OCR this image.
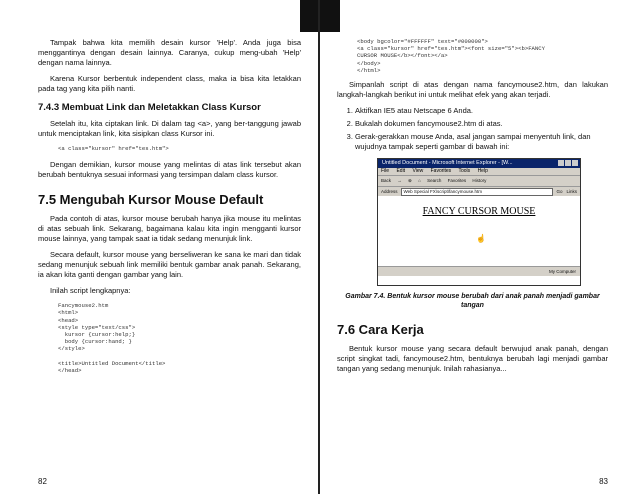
Tampak bahwa kita memilih desain kursor 'Help'. Anda juga bisa menggantinya dengan desain lainnya. Caranya, cukup meng-ubah 'Help' dengan nama lainnya.

Karena Kursor berbentuk independent class, maka ia bisa kita letakkan pada tag yang kita pilih nanti.

7.4.3 Membuat Link dan Meletakkan Class Kursor

Setelah itu, kita ciptakan link. Di dalam tag <a>, yang ber-tanggung jawab untuk menciptakan link, kita sisipkan class Kursor ini.

<a class="kursor" href="tes.htm">

Dengan demikian, kursor mouse yang melintas di atas link tersebut akan berubah bentuknya sesuai informasi yang tersimpan dalam class kursor.

7.5 Mengubah Kursor Mouse Default

Pada contoh di atas, kursor mouse berubah hanya jika mouse itu melintas di atas sebuah link. Sekarang, bagaimana kalau kita ingin mengganti kursor mouse lainnya, yang tampak saat ia tidak sedang menunjuk link.

Secara default, kursor mouse yang berseliweran ke sana ke mari dan tidak sedang menunjuk sebuah link memiliki bentuk gambar anak panah. Sekarang, ia akan kita ganti dengan gambar yang lain.

Inilah script lengkapnya:

Fancymouse2.htm
<html>
<head>
<style type="text/css">
kursor {cursor:help;}
body {cursor:hand; }
</style>

<title>Untitled Document</title>
</head>
82
<body bgcolor="#FFFFFF" text="#000000">
<a class="kursor" href="tes.htm"><font size="5"><b>FANCY
CURSOR MOUSE</b></font></a>
</body>
</html>

Simpanlah script di atas dengan nama fancymouse2.htm, dan lakukan langkah-langkah berikut ini untuk melihat efek yang akan terjadi.

1. Aktifkan IE5 atau Netscape 6 Anda.
2. Bukalah dokumen fancymouse2.htm di atas.
3. Gerak-gerakkan mouse Anda, asal jangan sampai menyentuh link, dan wujudnya tampak seperti gambar di bawah ini:
Untitled Document - Microsoft Internet Explorer - [W...
File Edit View Favorites Tools Help
Back → ⊗ ⌂ Search Favorites History
Address	Web Special FX\script\fancymouse.htm	Go Links
FANCY CURSOR MOUSE
☝
My Computer
Gambar 7.4. Bentuk kursor mouse berubah dari anak panah menjadi gambar tangan
7.6 Cara Kerja

Bentuk kursor mouse yang secara default berwujud anak panah, dengan script singkat tadi, fancymouse2.htm, bentuknya berubah lagi menjadi gambar tangan yang sedang menunjuk. Inilah rahasianya...

83
